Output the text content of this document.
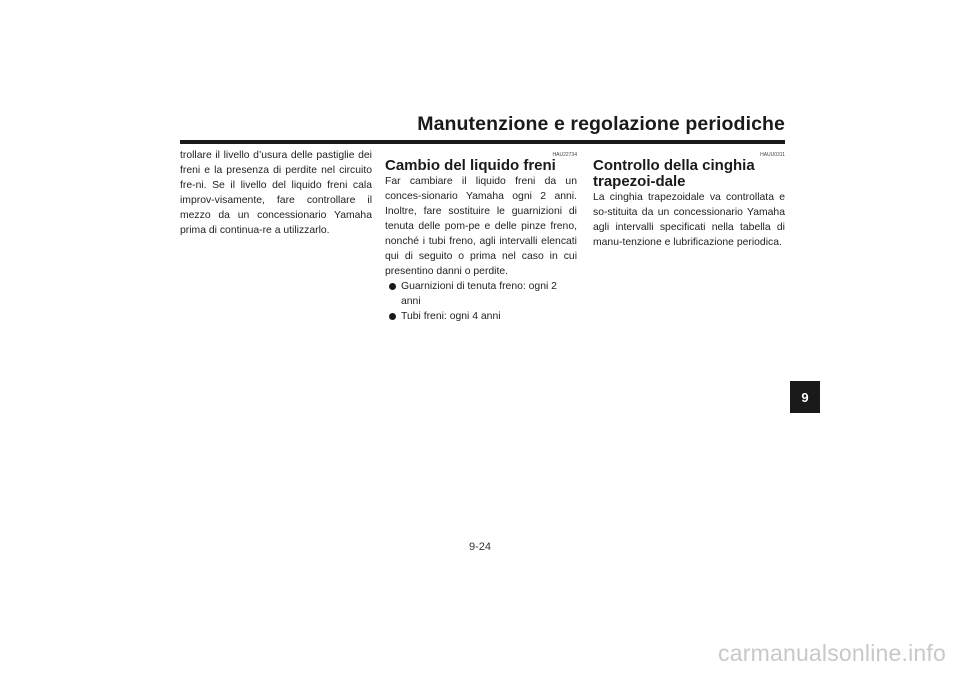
Manutenzione e regolazione periodiche

trollare il livello d’usura delle pastiglie dei freni e la presenza di perdite nel circuito fre-ni. Se il livello del liquido freni cala improv-visamente, fare controllare il mezzo da un concessionario Yamaha prima di continua-re a utilizzarlo.

HAU22734
Cambio del liquido freni

Far cambiare il liquido freni da un conces-sionario Yamaha ogni 2 anni. Inoltre, fare sostituire le guarnizioni di tenuta delle pom-pe e delle pinze freno, nonché i tubi freno, agli intervalli elencati qui di seguito o prima nel caso in cui presentino danni o perdite.

Guarnizioni di tenuta freno: ogni 2 anni
Tubi freni: ogni 4 anni
HAUU0311
Controllo della cinghia trapezoi-dale

La cinghia trapezoidale va controllata e so-stituita da un concessionario Yamaha agli intervalli specificati nella tabella di manu-tenzione e lubrificazione periodica.

9
9-24
carmanualsonline.info
